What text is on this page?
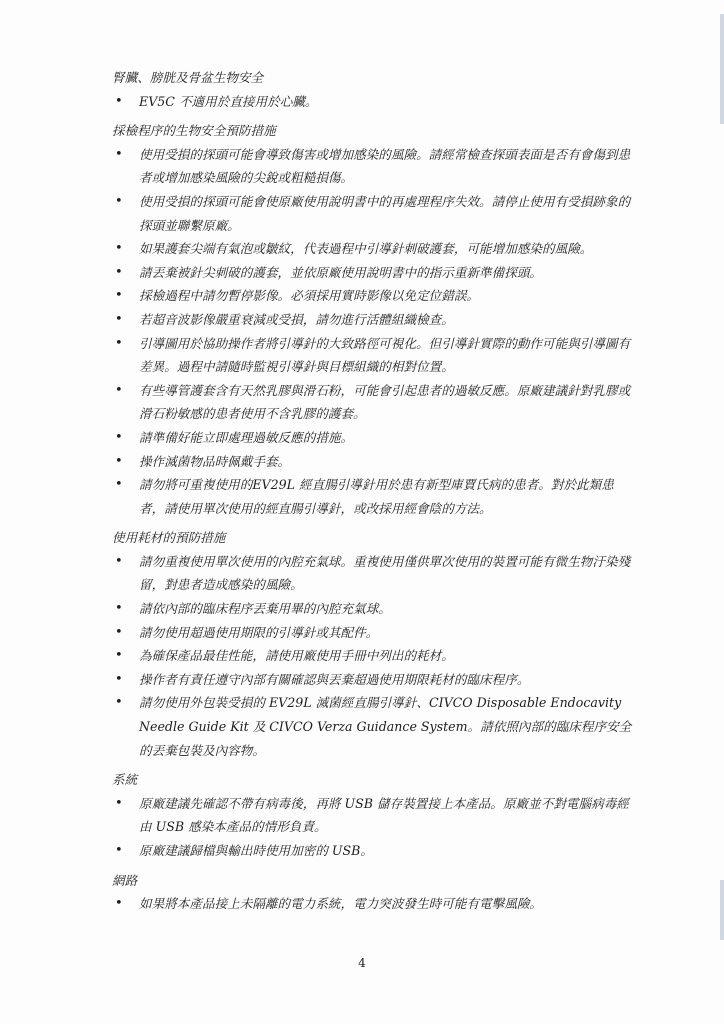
腎臟、膀胱及骨盆生物安全
• EV5C 不適用於直接用於心臟。
採檢程序的生物安全預防措施
• 使用受損的探頭可能會導致傷害或增加感染的風險。請經常檢查探頭表面是否有會傷到患者或增加感染風險的尖銳或粗糙損傷。
• 使用受損的探頭可能會使原廠使用說明書中的再處理程序失效。請停止使用有受損跡象的探頭並聯繫原廠。
• 如果護套尖端有氣泡或皺紋，代表過程中引導針刺破護套，可能增加感染的風險。
• 請丟棄被針尖刺破的護套，並依原廠使用說明書中的指示重新準備探頭。
• 採檢過程中請勿暫停影像。必須採用實時影像以免定位錯誤。
• 若超音波影像嚴重衰減或受損，請勿進行活體組織檢查。
• 引導圖用於協助操作者將引導針的大致路徑可視化。但引導針實際的動作可能與引導圖有差異。過程中請隨時監視引導針與目標組織的相對位置。
• 有些導管護套含有天然乳膠與滑石粉，可能會引起患者的過敏反應。原廠建議針對乳膠或滑石粉敏感的患者使用不含乳膠的護套。
• 請準備好能立即處理過敏反應的措施。
• 操作滅菌物品時佩戴手套。
• 請勿將可重複使用的EV29L 經直腸引導針用於患有新型庫賈氏病的患者。對於此類患者，請使用單次使用的經直腸引導針，或改採用經會陰的方法。
使用耗材的預防措施
• 請勿重複使用單次使用的內腔充氣球。重複使用僅供單次使用的裝置可能有微生物汙染殘留，對患者造成感染的風險。
• 請依內部的臨床程序丟棄用畢的內腔充氣球。
• 請勿使用超過使用期限的引導針或其配件。
• 為確保產品最佳性能，請使用廠使用手冊中列出的耗材。
• 操作者有責任遵守內部有關確認與丟棄超過使用期限耗材的臨床程序。
• 請勿使用外包裝受損的 EV29L 滅菌經直腸引導針、CIVCO Disposable Endocavity Needle Guide Kit 及 CIVCO Verza Guidance System。請依照內部的臨床程序安全的丟棄包裝及內容物。
系統
• 原廠建議先確認不帶有病毒後，再將 USB 儲存裝置接上本產品。原廠並不對電腦病毒經由 USB 感染本產品的情形負責。
• 原廠建議歸檔與輸出時使用加密的 USB。
網路
• 如果將本產品接上未隔離的電力系統，電力突波發生時可能有電擊風險。
4
